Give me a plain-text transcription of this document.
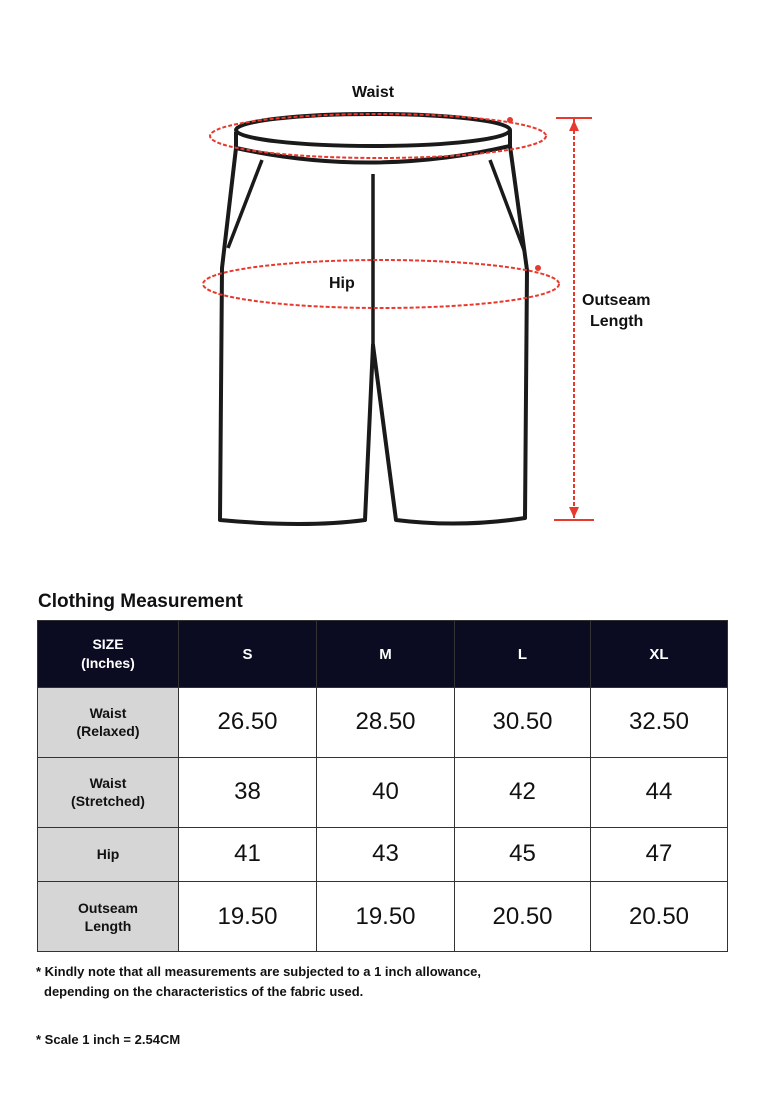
Waist
Hip
Outseam
Length
Clothing Measurement
SIZE
(Inches)	S	M	L	XL

Waist
(Relaxed)	26.50	28.50	30.50	32.50

Waist
(Stretched)	38	40	42	44

Hip	41	43	45	47

Outseam
Length	19.50	19.50	20.50	20.50
* Kindly note that all measurements are subjected to a 1 inch allowance,
depending on the characteristics of the fabric used.
* Scale 1 inch = 2.54CM
